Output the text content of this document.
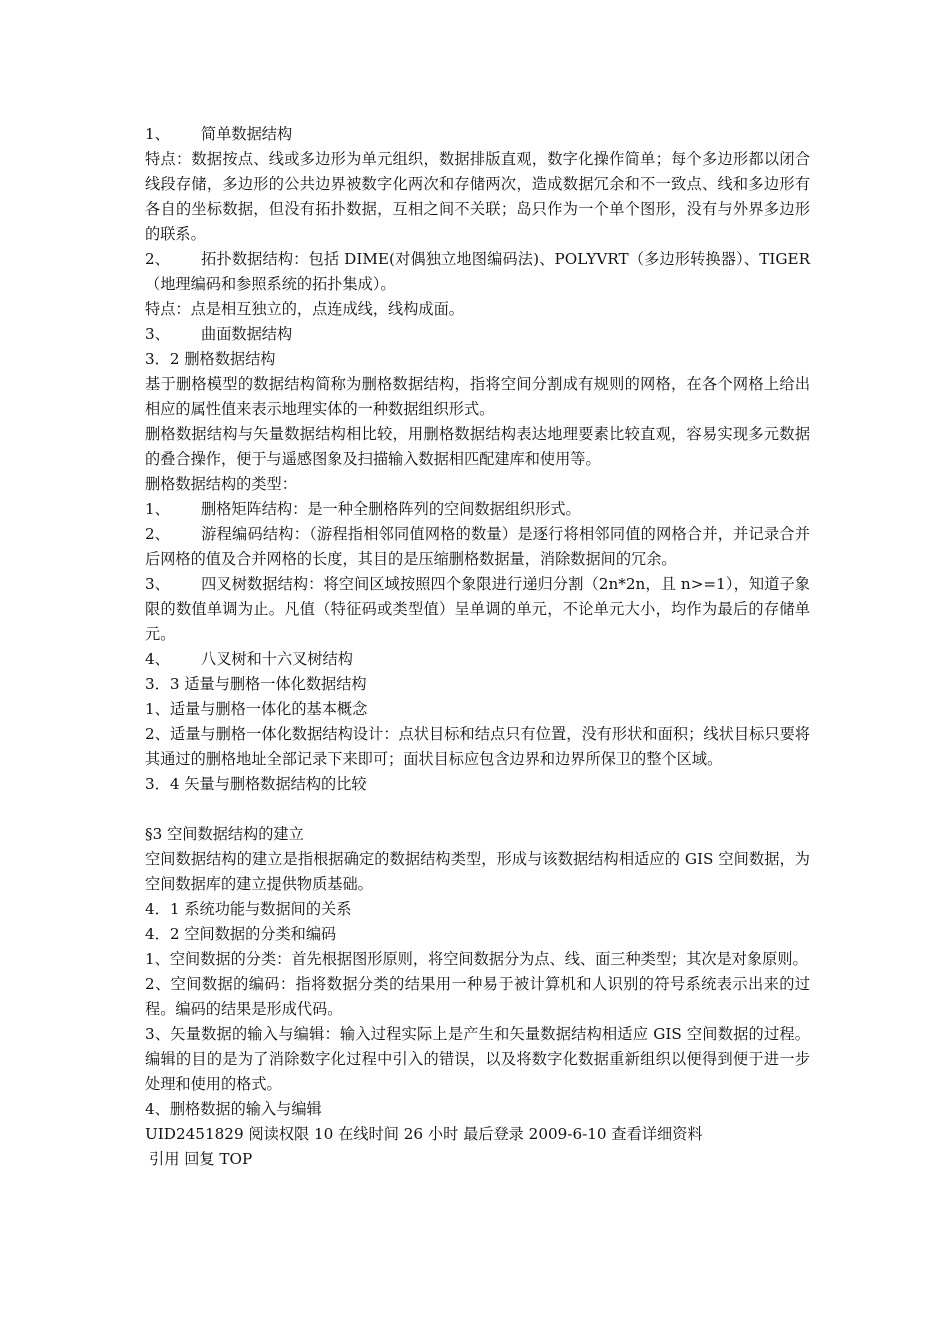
1、 简单数据结构

特点：数据按点、线或多边形为单元组织，数据排版直观，数字化操作简单；每个多边形都以闭合线段存储，多边形的公共边界被数字化两次和存储两次，造成数据冗余和不一致点、线和多边形有各自的坐标数据，但没有拓扑数据，互相之间不关联；岛只作为一个单个图形，没有与外界多边形的联系。

2、 拓扑数据结构：包括 DIME(对偶独立地图编码法)、POLYVRT（多边形转换器）、TIGER（地理编码和参照系统的拓扑集成）。

特点：点是相互独立的，点连成线，线构成面。

3、 曲面数据结构

3．2 删格数据结构

基于删格模型的数据结构简称为删格数据结构，指将空间分割成有规则的网格，在各个网格上给出相应的属性值来表示地理实体的一种数据组织形式。

删格数据结构与矢量数据结构相比较，用删格数据结构表达地理要素比较直观，容易实现多元数据的叠合操作，便于与遥感图象及扫描输入数据相匹配建库和使用等。

删格数据结构的类型：

1、 删格矩阵结构：是一种全删格阵列的空间数据组织形式。

2、 游程编码结构：（游程指相邻同值网格的数量）是逐行将相邻同值的网格合并，并记录合并后网格的值及合并网格的长度，其目的是压缩删格数据量，消除数据间的冗余。

3、 四叉树数据结构：将空间区域按照四个象限进行递归分割（2n*2n，且 n>=1），知道子象限的数值单调为止。凡值（特征码或类型值）呈单调的单元，不论单元大小，均作为最后的存储单元。

4、 八叉树和十六叉树结构

3．3 适量与删格一体化数据结构

1、适量与删格一体化的基本概念

2、适量与删格一体化数据结构设计：点状目标和结点只有位置，没有形状和面积；线状目标只要将其通过的删格地址全部记录下来即可；面状目标应包含边界和边界所保卫的整个区域。

3．4 矢量与删格数据结构的比较

§3 空间数据结构的建立

空间数据结构的建立是指根据确定的数据结构类型，形成与该数据结构相适应的 GIS 空间数据，为空间数据库的建立提供物质基础。

4．1 系统功能与数据间的关系

4．2 空间数据的分类和编码

1、空间数据的分类：首先根据图形原则，将空间数据分为点、线、面三种类型；其次是对象原则。

2、空间数据的编码：指将数据分类的结果用一种易于被计算机和人识别的符号系统表示出来的过程。编码的结果是形成代码。

3、矢量数据的输入与编辑：输入过程实际上是产生和矢量数据结构相适应 GIS 空间数据的过程。编辑的目的是为了消除数字化过程中引入的错误，以及将数字化数据重新组织以便得到便于进一步处理和使用的格式。

4、删格数据的输入与编辑

UID2451829 阅读权限 10 在线时间 26 小时 最后登录 2009-6-10 查看详细资料

引用 回复 TOP
